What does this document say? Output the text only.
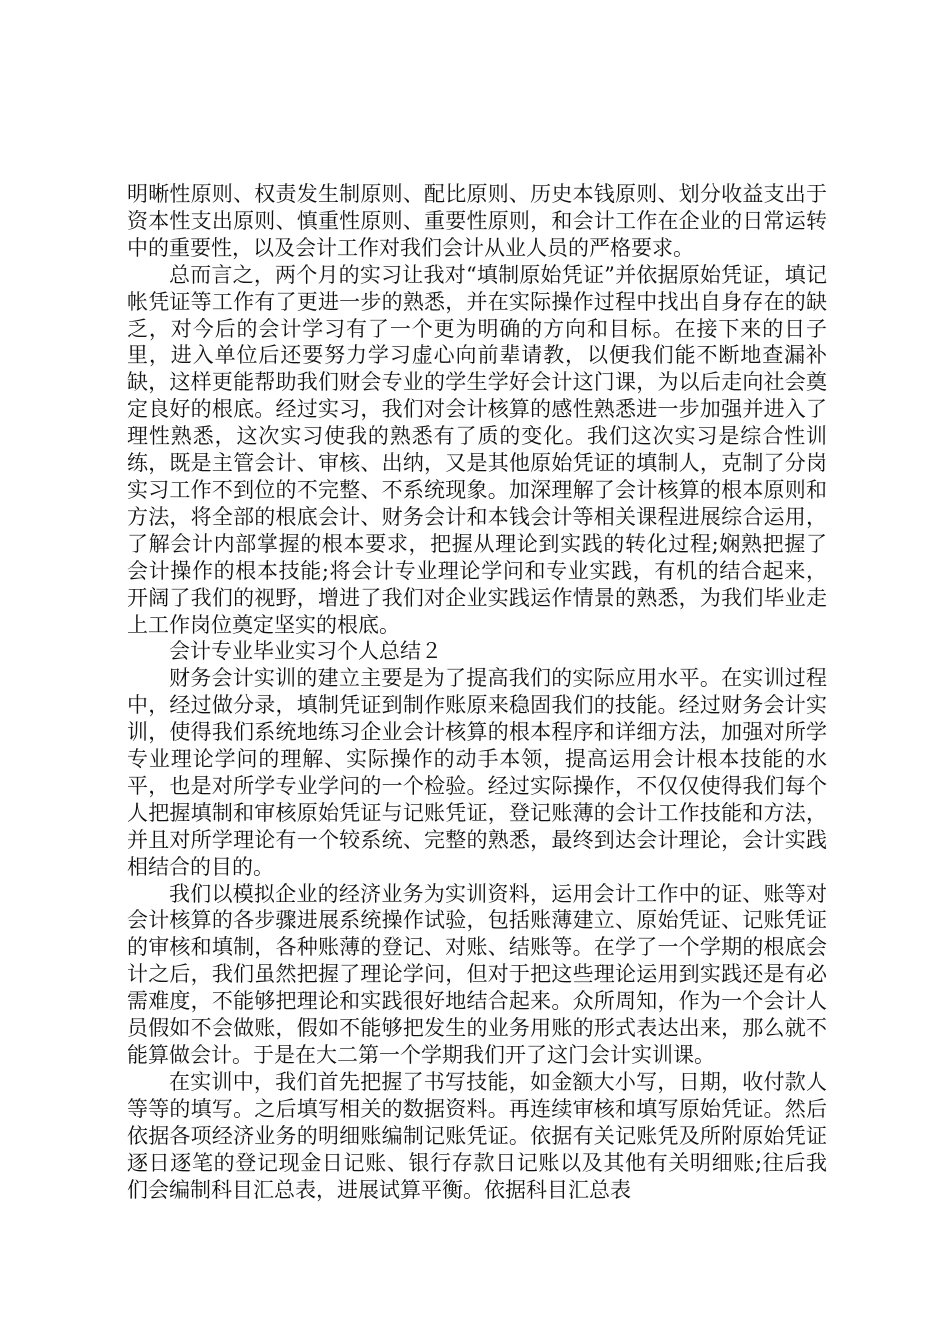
明晰性原则、权责发生制原则、配比原则、历史本钱原则、划分收益支出于资本性支出原则、慎重性原则、重要性原则，和会计工作在企业的日常运转中的重要性，以及会计工作对我们会计从业人员的严格要求。

总而言之，两个月的实习让我对“填制原始凭证”并依据原始凭证，填记帐凭证等工作有了更进一步的熟悉，并在实际操作过程中找出自身存在的缺乏，对今后的会计学习有了一个更为明确的方向和目标。在接下来的日子里，进入单位后还要努力学习虚心向前辈请教，以便我们能不断地查漏补缺，这样更能帮助我们财会专业的学生学好会计这门课，为以后走向社会奠定良好的根底。经过实习，我们对会计核算的感性熟悉进一步加强并进入了理性熟悉，这次实习使我的熟悉有了质的变化。我们这次实习是综合性训练，既是主管会计、审核、出纳，又是其他原始凭证的填制人，克制了分岗实习工作不到位的不完整、不系统现象。加深理解了会计核算的根本原则和方法，将全部的根底会计、财务会计和本钱会计等相关课程进展综合运用，了解会计内部掌握的根本要求，把握从理论到实践的转化过程;娴熟把握了会计操作的根本技能;将会计专业理论学问和专业实践，有机的结合起来，开阔了我们的视野，增进了我们对企业实践运作情景的熟悉，为我们毕业走上工作岗位奠定坚实的根底。

会计专业毕业实习个人总结２

财务会计实训的建立主要是为了提高我们的实际应用水平。在实训过程中，经过做分录，填制凭证到制作账原来稳固我们的技能。经过财务会计实训，使得我们系统地练习企业会计核算的根本程序和详细方法，加强对所学专业理论学问的理解、实际操作的动手本领，提高运用会计根本技能的水平，也是对所学专业学问的一个检验。经过实际操作，不仅仅使得我们每个人把握填制和审核原始凭证与记账凭证，登记账薄的会计工作技能和方法，并且对所学理论有一个较系统、完整的熟悉，最终到达会计理论，会计实践相结合的目的。

我们以模拟企业的经济业务为实训资料，运用会计工作中的证、账等对会计核算的各步骤进展系统操作试验，包括账薄建立、原始凭证、记账凭证的审核和填制，各种账薄的登记、对账、结账等。在学了一个学期的根底会计之后，我们虽然把握了理论学问，但对于把这些理论运用到实践还是有必需难度，不能够把理论和实践很好地结合起来。众所周知，作为一个会计人员假如不会做账，假如不能够把发生的业务用账的形式表达出来，那么就不能算做会计。于是在大二第一个学期我们开了这门会计实训课。

在实训中，我们首先把握了书写技能，如金额大小写，日期，收付款人等等的填写。之后填写相关的数据资料。再连续审核和填写原始凭证。然后依据各项经济业务的明细账编制记账凭证。依据有关记账凭及所附原始凭证逐日逐笔的登记现金日记账、银行存款日记账以及其他有关明细账;往后我们会编制科目汇总表，进展试算平衡。依据科目汇总表
